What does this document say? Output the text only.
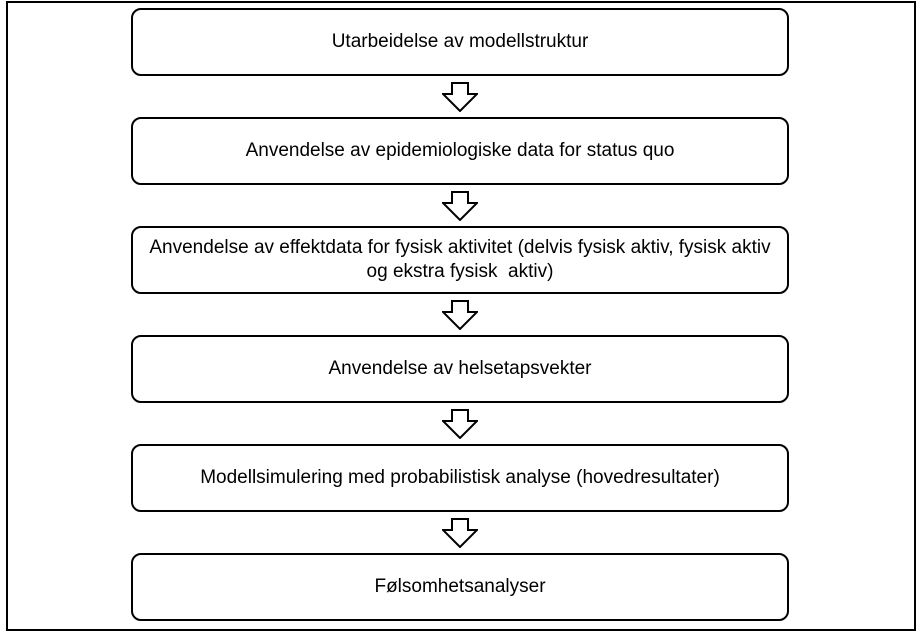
Utarbeidelse av modellstruktur
Anvendelse av epidemiologiske data for status quo
Anvendelse av effektdata for fysisk aktivitet (delvis fysisk aktiv, fysisk aktiv og ekstra fysisk  aktiv)
Anvendelse av helsetapsvekter
Modellsimulering med probabilistisk analyse (hovedresultater)
Følsomhetsanalyser
